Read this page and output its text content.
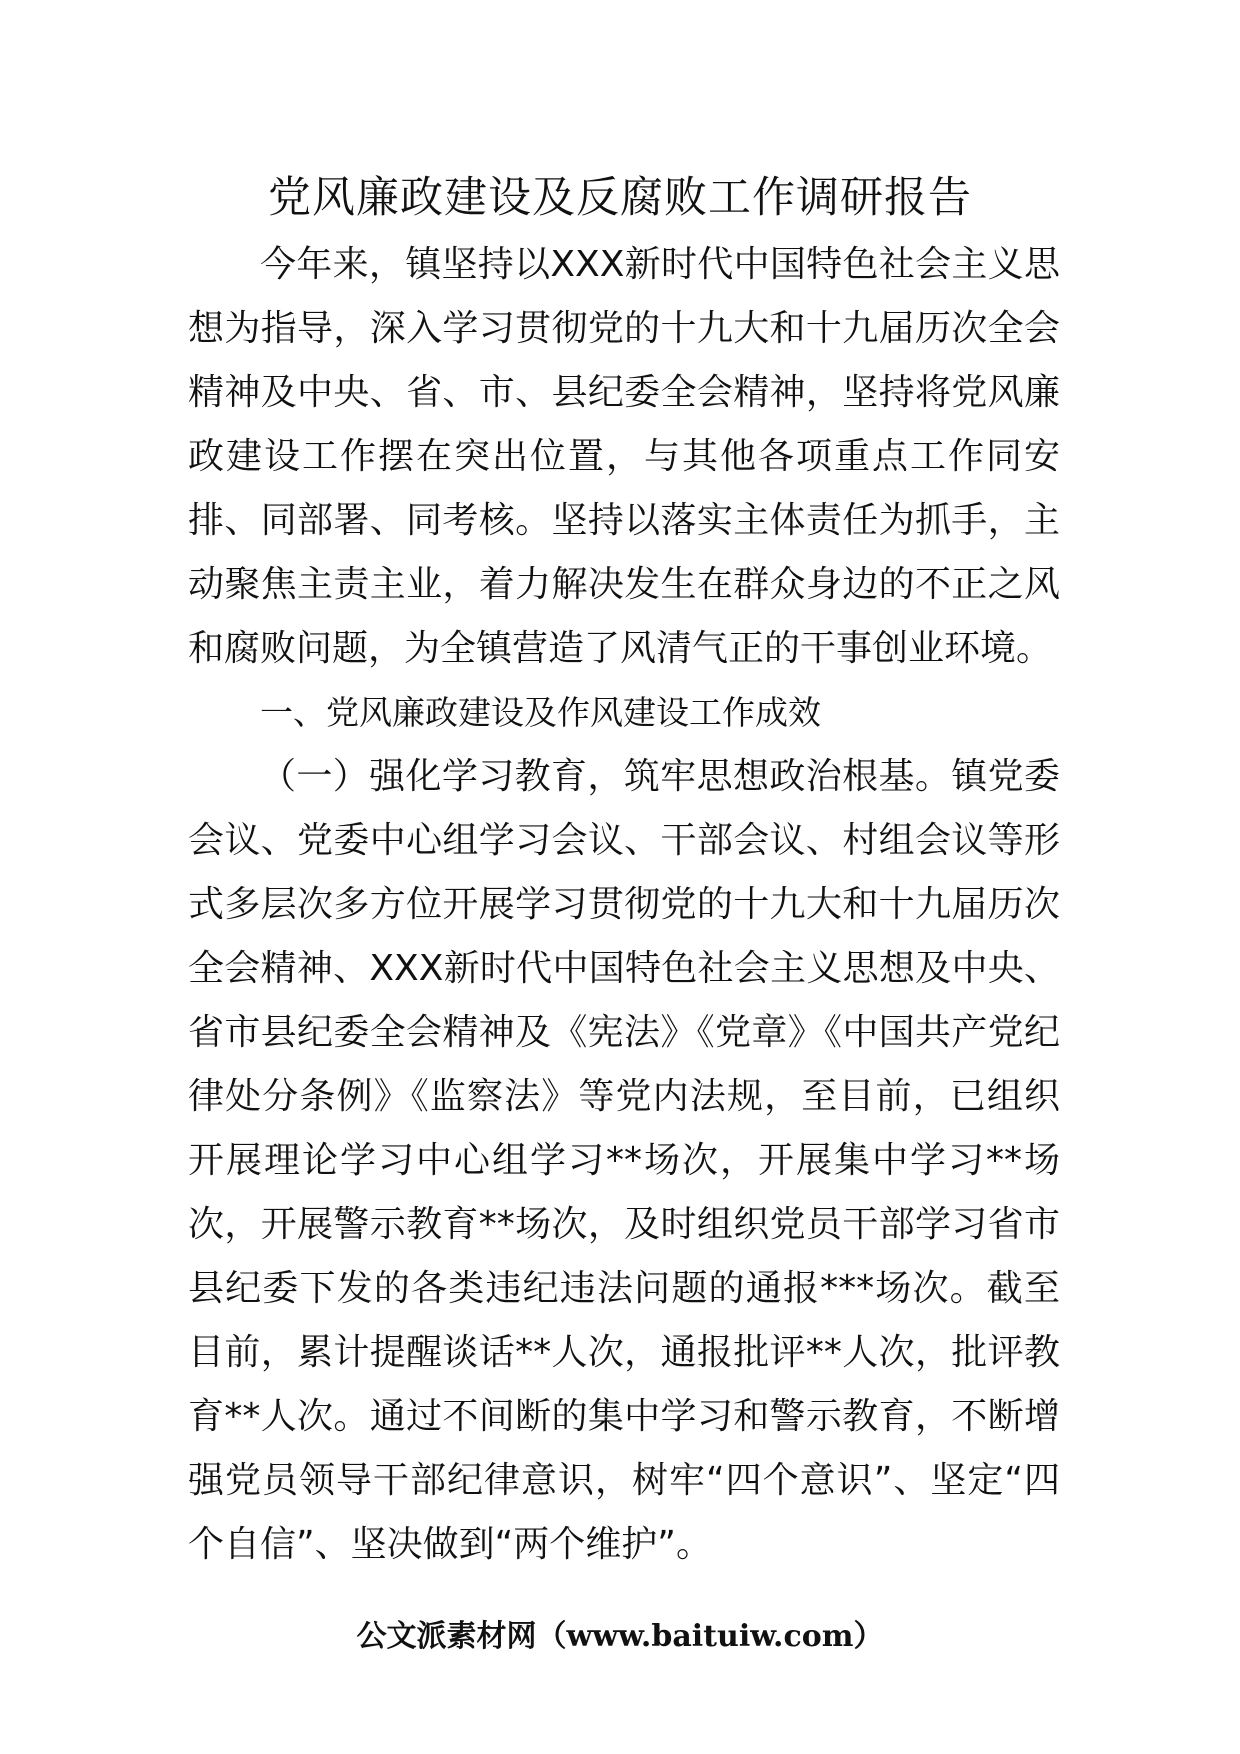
党风廉政建设及反腐败工作调研报告

今年来，镇坚持以XXX新时代中国特色社会主义思想为指导，深入学习贯彻党的十九大和十九届历次全会精神及中央、省、市、县纪委全会精神，坚持将党风廉政建设工作摆在突出位置，与其他各项重点工作同安排、同部署、同考核。坚持以落实主体责任为抓手，主动聚焦主责主业，着力解决发生在群众身边的不正之风和腐败问题，为全镇营造了风清气正的干事创业环境。

一、党风廉政建设及作风建设工作成效

（一）强化学习教育，筑牢思想政治根基。镇党委会议、党委中心组学习会议、干部会议、村组会议等形式多层次多方位开展学习贯彻党的十九大和十九届历次全会精神、XXX新时代中国特色社会主义思想及中央、省市县纪委全会精神及《宪法》《党章》《中国共产党纪律处分条例》《监察法》等党内法规，至目前，已组织开展理论学习中心组学习**场次，开展集中学习**场次，开展警示教育**场次，及时组织党员干部学习省市县纪委下发的各类违纪违法问题的通报***场次。截至目前，累计提醒谈话**人次，通报批评**人次，批评教育**人次。通过不间断的集中学习和警示教育，不断增强党员领导干部纪律意识，树牢“四个意识”、坚定“四个自信”、坚决做到“两个维护”。

公文派素材网（www.baituiw.com）
